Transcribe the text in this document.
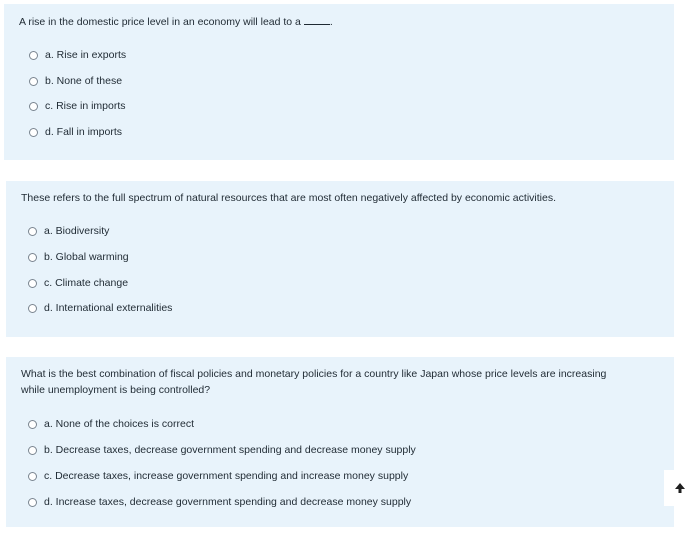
A rise in the domestic price level in an economy will lead to a	.

a. Rise in exports
b. None of these
c. Rise in imports
d. Fall in imports

These refers to the full spectrum of natural resources that are most often negatively affected by economic activities.

a. Biodiversity
b. Global warming
c. Climate change
d. International externalities

What is the best combination of fiscal policies and monetary policies for a country like Japan whose price levels are increasing while unemployment is being controlled?

a. None of the choices is correct
b. Decrease taxes, decrease government spending and decrease money supply
c. Decrease taxes, increase government spending and increase money supply
d. Increase taxes, decrease government spending and decrease money supply
